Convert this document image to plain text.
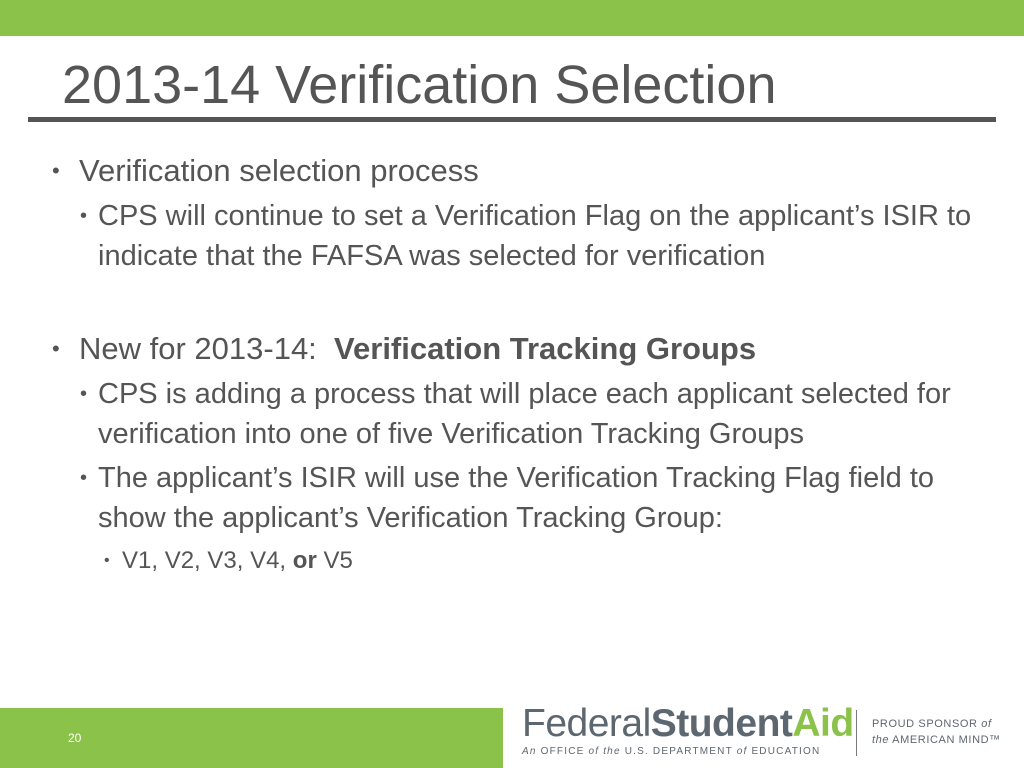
2013-14 Verification Selection

• Verification selection process

• CPS will continue to set a Verification Flag on the applicant’s ISIR to indicate that the FAFSA was selected for verification

• New for 2013-14: Verification Tracking Groups

• CPS is adding a process that will place each applicant selected for verification into one of five Verification Tracking Groups

• The applicant’s ISIR will use the Verification Tracking Flag field to show the applicant’s Verification Tracking Group:

• V1, V2, V3, V4, or V5

20	FederalStudentAid
An OFFICE of the U.S. DEPARTMENT of EDUCATION
PROUD SPONSOR of
the AMERICAN MIND™
